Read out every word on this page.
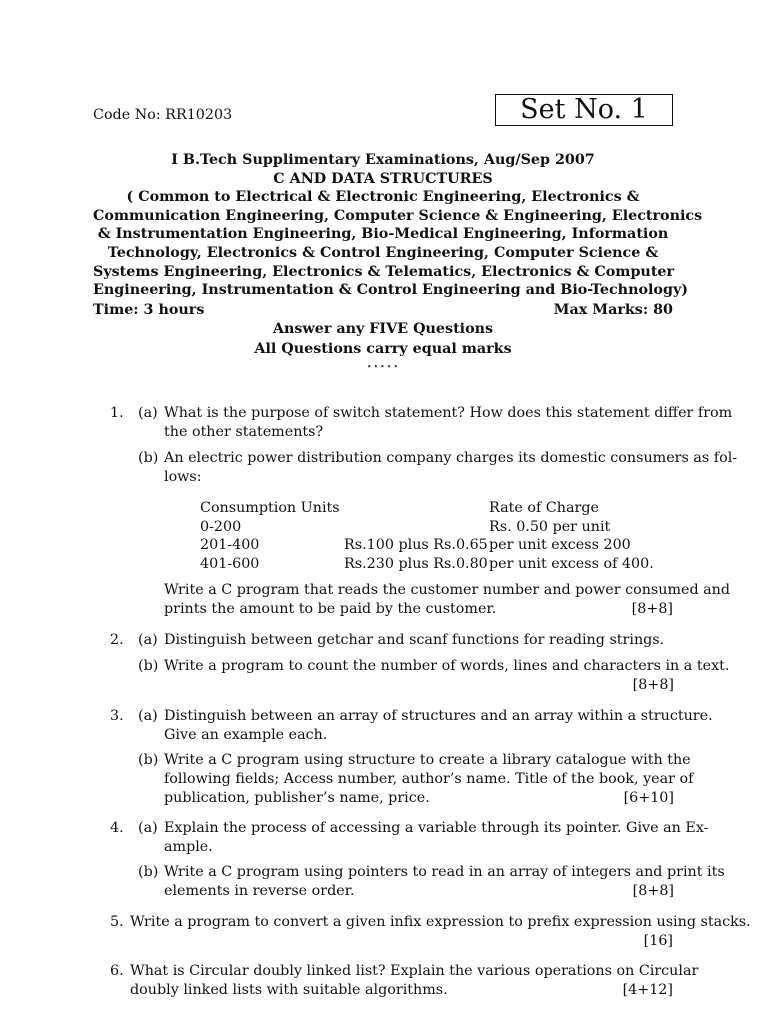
Code No: RR10203	Set No. 1
I B.Tech Supplimentary Examinations, Aug/Sep 2007
C AND DATA STRUCTURES
( Common to Electrical & Electronic Engineering, Electronics &
Communication Engineering, Computer Science & Engineering, Electronics
& Instrumentation Engineering, Bio-Medical Engineering, Information
Technology, Electronics & Control Engineering, Computer Science &
Systems Engineering, Electronics & Telematics, Electronics & Computer
Engineering, Instrumentation & Control Engineering and Bio-Technology)
Time: 3 hours	Max Marks: 80
Answer any FIVE Questions
All Questions carry equal marks
⋆⋆⋆⋆⋆
1. (a) What is the purpose of switch statement? How does this statement differ from
the other statements?
(b) An electric power distribution company charges its domestic consumers as fol-
lows:
Consumption Units	Rate of Charge
0-200	Rs. 0.50 per unit
201-400	Rs.100 plus Rs.0.65 per unit excess 200
401-600	Rs.230 plus Rs.0.80 per unit excess of 400.
Write a C program that reads the customer number and power consumed and
prints the amount to be paid by the customer.	[8+8]
2. (a) Distinguish between getchar and scanf functions for reading strings.
(b) Write a program to count the number of words, lines and characters in a text.
[8+8]
3. (a) Distinguish between an array of structures and an array within a structure.
Give an example each.
(b) Write a C program using structure to create a library catalogue with the
following fields; Access number, author’s name. Title of the book, year of
publication, publisher’s name, price.	[6+10]
4. (a) Explain the process of accessing a variable through its pointer. Give an Ex-
ample.
(b) Write a C program using pointers to read in an array of integers and print its
elements in reverse order.	[8+8]
5. Write a program to convert a given infix expression to prefix expression using stacks.
[16]
6. What is Circular doubly linked list? Explain the various operations on Circular
doubly linked lists with suitable algorithms.	[4+12]
